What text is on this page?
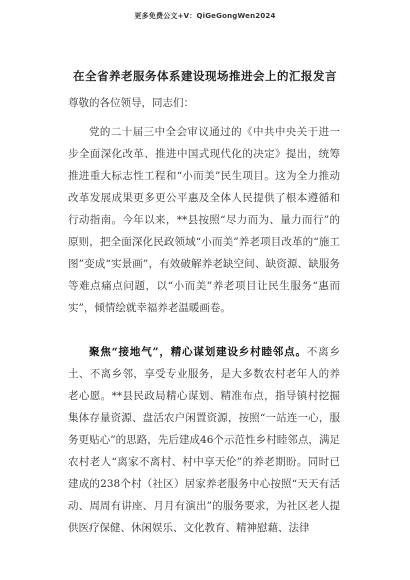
更多免费公文+V：QiGeGongWen2024
在全省养老服务体系建设现场推进会上的汇报发言
尊敬的各位领导，同志们：
党的二十届三中全会审议通过的《中共中央关于进一步全面深化改革、推进中国式现代化的决定》提出，统筹推进重大标志性工程和“小而美”民生项目。这为全力推动改革发展成果更多更公平惠及全体人民提供了根本遵循和行动指南。今年以来，**县按照“尽力而为、量力而行”的原则，把全面深化民政领域“小而美”养老项目改革的“施工图”变成“实景画”，有效破解养老缺空间、缺资源、缺服务等难点痛点问题，以“小而美”养老项目让民生服务“惠而实”，倾情绘就幸福养老温暖画卷。
聚焦“接地气”，精心谋划建设乡村睦邻点。不离乡土、不离乡邻，享受专业服务，是大多数农村老年人的养老心愿。**县民政局精心谋划、精准布点，指导镇村挖掘集体存量资源、盘活农户闲置资源，按照“一站连一心，服务更贴心”的思路，先后建成46个示范性乡村睦邻点，满足农村老人“离家不离村、村中享天伦”的养老期盼。同时已建成的238个村（社区）居家养老服务中心按照“天天有活动、周周有讲座、月月有演出”的服务要求，为社区老人提供医疗保健、休闲娱乐、文化教育、精神慰藉、法律
